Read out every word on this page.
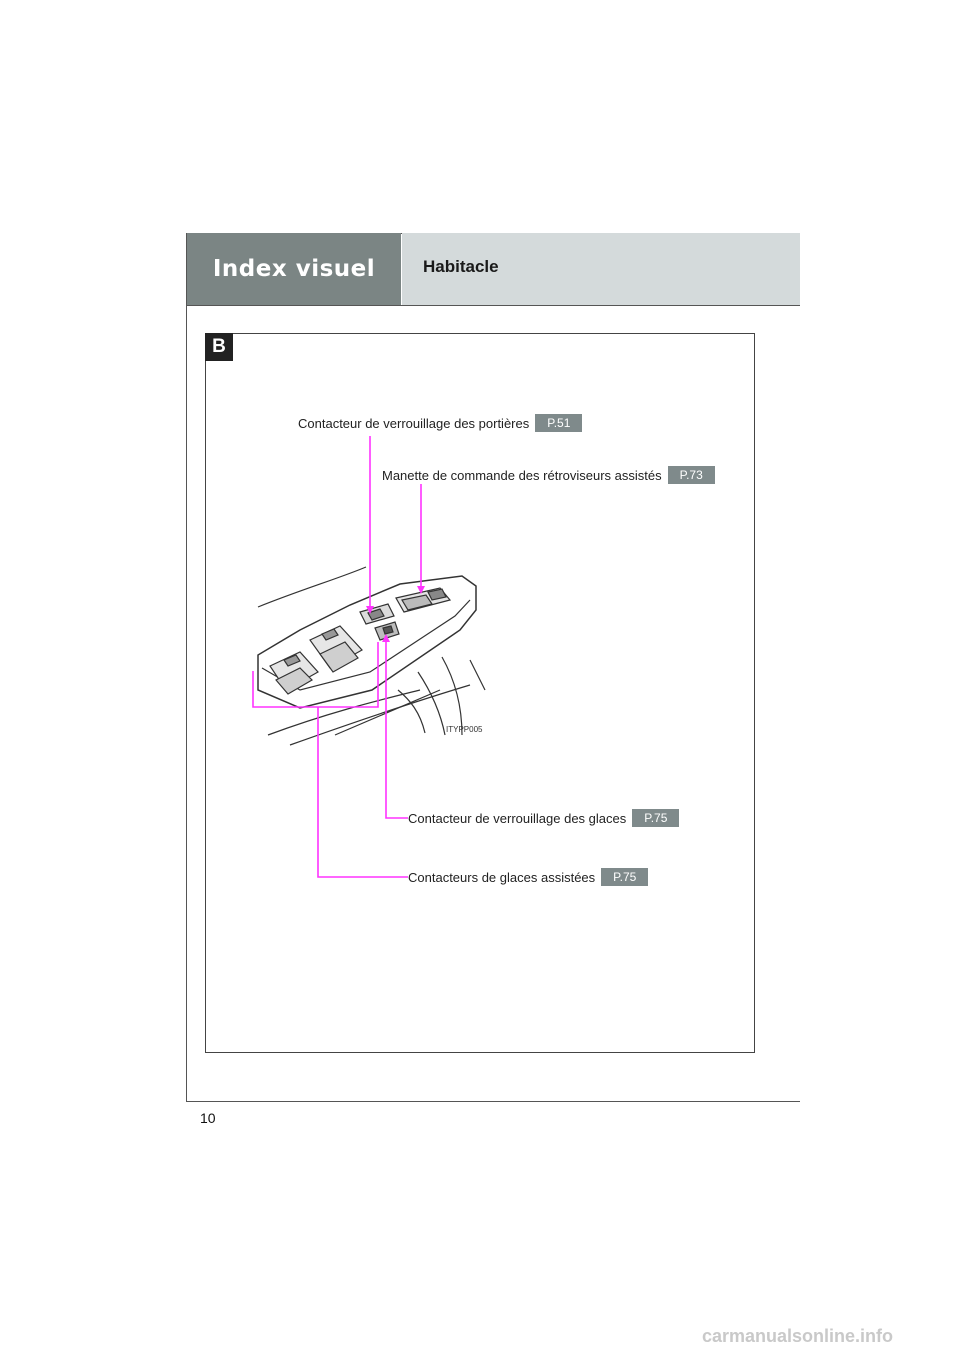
Index visuel	Habitacle
B
ITYPP005
Contacteur de verrouillage des portières	P.51
Manette de commande des rétroviseurs assistés	P.73
Contacteur de verrouillage des glaces	P.75
Contacteurs de glaces assistées	P.75
10
carmanualsonline.info
